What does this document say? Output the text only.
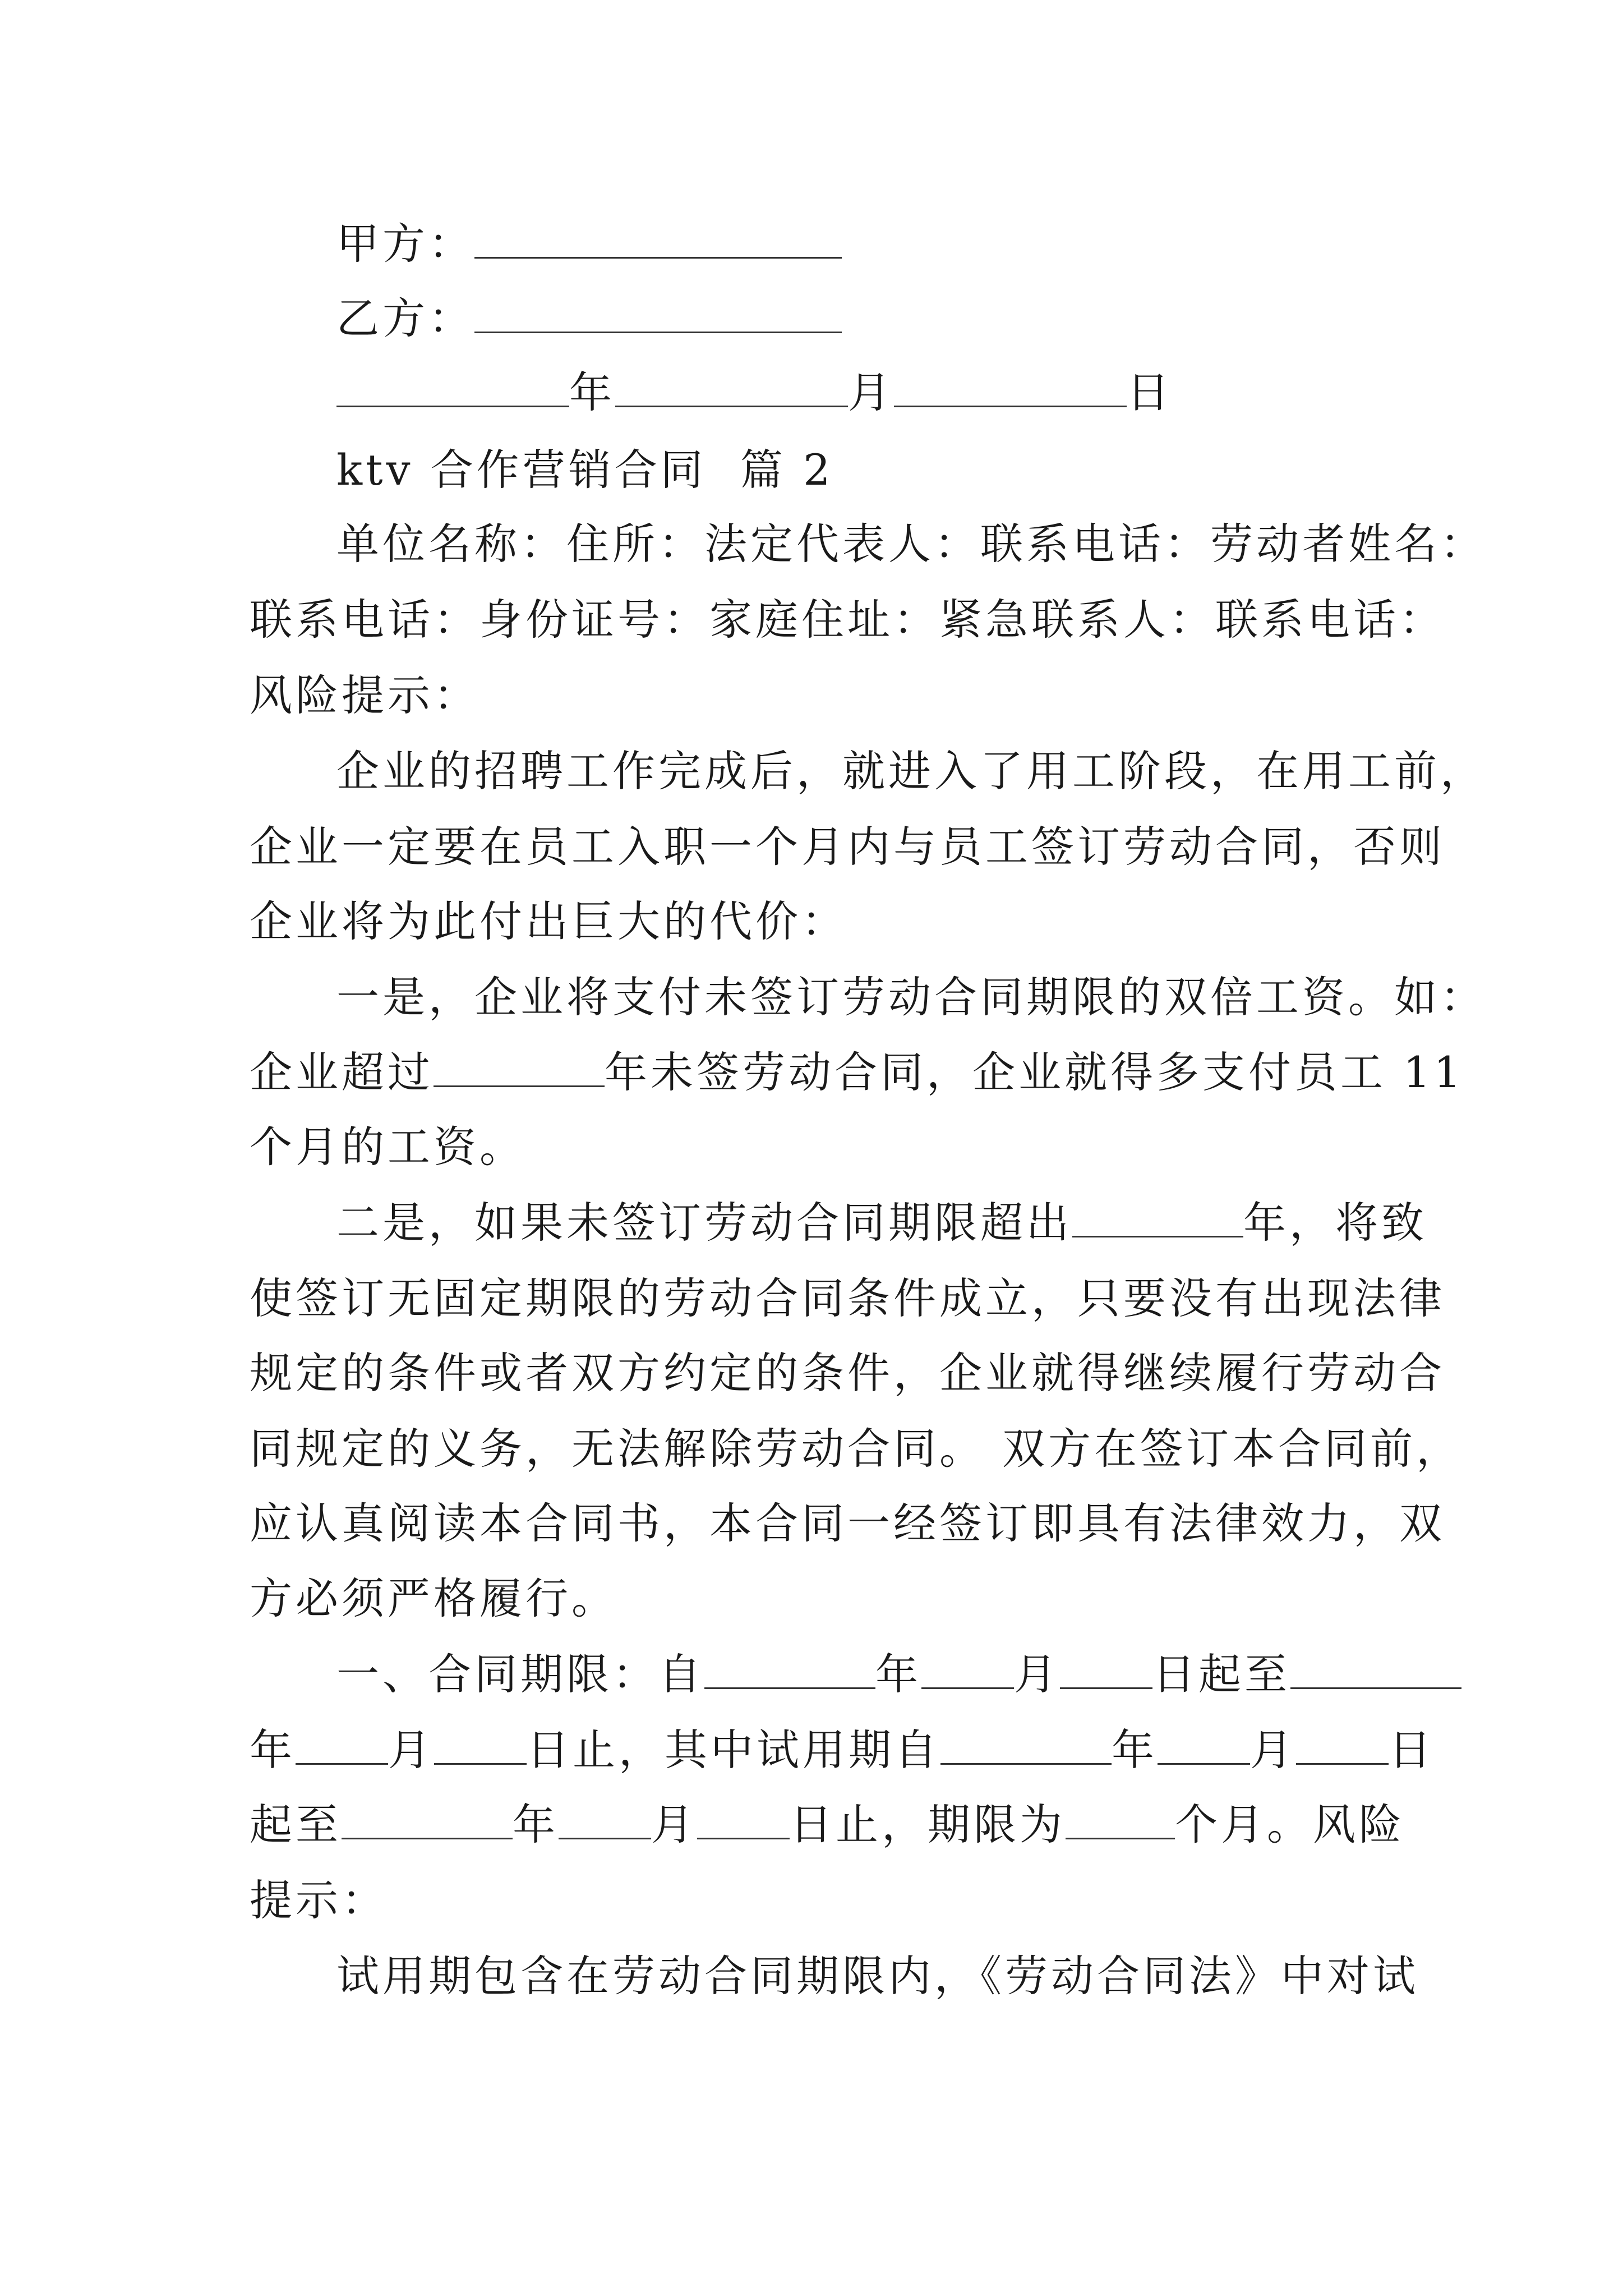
甲方：
乙方：
年	月	日
ktv 合作营销合同  篇 2
单位名称：住所：法定代表人：联系电话：劳动者姓名：
联系电话：身份证号：家庭住址：紧急联系人：联系电话：
风险提示：
企业的招聘工作完成后，就进入了用工阶段，在用工前，
企业一定要在员工入职一个月内与员工签订劳动合同，否则
企业将为此付出巨大的代价：
一是，企业将支付未签订劳动合同期限的双倍工资。如：
企业超过	年未签劳动合同，企业就得多支付员工 11
个月的工资。
二是，如果未签订劳动合同期限超出	年，将致
使签订无固定期限的劳动合同条件成立，只要没有出现法律
规定的条件或者双方约定的条件，企业就得继续履行劳动合
同规定的义务，无法解除劳动合同。 双方在签订本合同前，
应认真阅读本合同书，本合同一经签订即具有法律效力，双
方必须严格履行。
一、合同期限：自	年 月 日起至
年 月 日止，其中试用期自	年 月 日
起至	年 月 日止，期限为	个月。风险
提示：
试用期包含在劳动合同期限内，《劳动合同法》中对试
